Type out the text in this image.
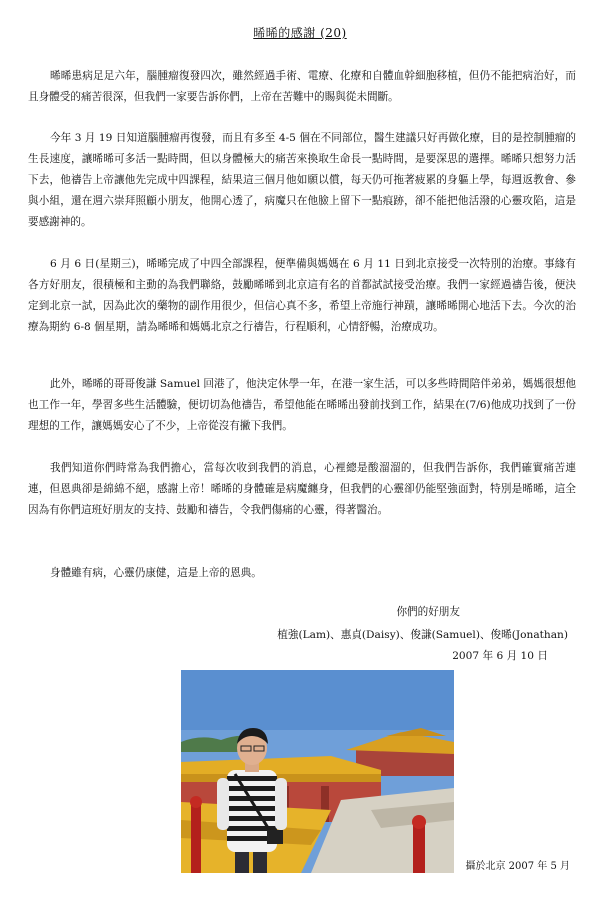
晞晞的感謝 (20)

晞晞患病足足六年，腦腫瘤復發四次，雖然經過手術、電療、化療和自體血幹細胞移植，但仍不能把病治好，而且身體受的痛苦很深，但我們一家要告訴你們，上帝在苦難中的賜與從未間斷。

今年 3 月 19 日知道腦腫瘤再復發，而且有多至 4-5 個在不同部位，醫生建議只好再做化療，目的是控制腫瘤的生長速度，讓晞晞可多活一點時間，但以身體極大的痛苦來換取生命長一點時間，是要深思的選擇。晞晞只想努力活下去，他禱告上帝讓他先完成中四課程，結果這三個月他如願以償，每天仍可拖著疲累的身軀上學，每週返教會、參與小組，還在週六崇拜照顧小朋友，他開心透了，病魔只在他臉上留下一點痕跡，卻不能把他活潑的心靈攻陷，這是要感謝神的。

6 月 6 日(星期三)，晞晞完成了中四全部課程，便準備與媽媽在 6 月 11 日到北京接受一次特別的治療。事緣有各方好朋友，很積極和主動的為我們聯絡，鼓勵晞晞到北京這有名的首都試試接受治療。我們一家經過禱告後，便決定到北京一試，因為此次的藥物的副作用很少，但信心真不多，希望上帝施行神蹟，讓晞晞開心地活下去。今次的治療為期約 6-8 個星期，請為晞晞和媽媽北京之行禱告，行程順利，心情舒暢，治療成功。

此外，晞晞的哥哥俊謙 Samuel 回港了，他決定休學一年，在港一家生活，可以多些時間陪伴弟弟，媽媽很想他也工作一年，學習多些生活體驗，便切切為他禱告，希望他能在晞晞出發前找到工作，結果在(7/6)他成功找到了一份理想的工作，讓媽媽安心了不少，上帝從沒有撇下我們。

我們知道你們時常為我們擔心，當每次收到我們的消息，心裡總是酸溜溜的，但我們告訴你，我們確實痛苦連連，但恩典卻是綿綿不絕，感謝上帝！晞晞的身體確是病魔纏身，但我們的心靈卻仍能堅強面對，特別是晞晞，這全因為有你們這班好朋友的支持、鼓勵和禱告，令我們傷痛的心靈，得著醫治。

身體雖有病，心靈仍康健，這是上帝的恩典。

你們的好朋友
植強(Lam)、惠貞(Daisy)、俊謙(Samuel)、俊晞(Jonathan)
2007 年 6 月 10 日
攝於北京 2007 年 5 月
